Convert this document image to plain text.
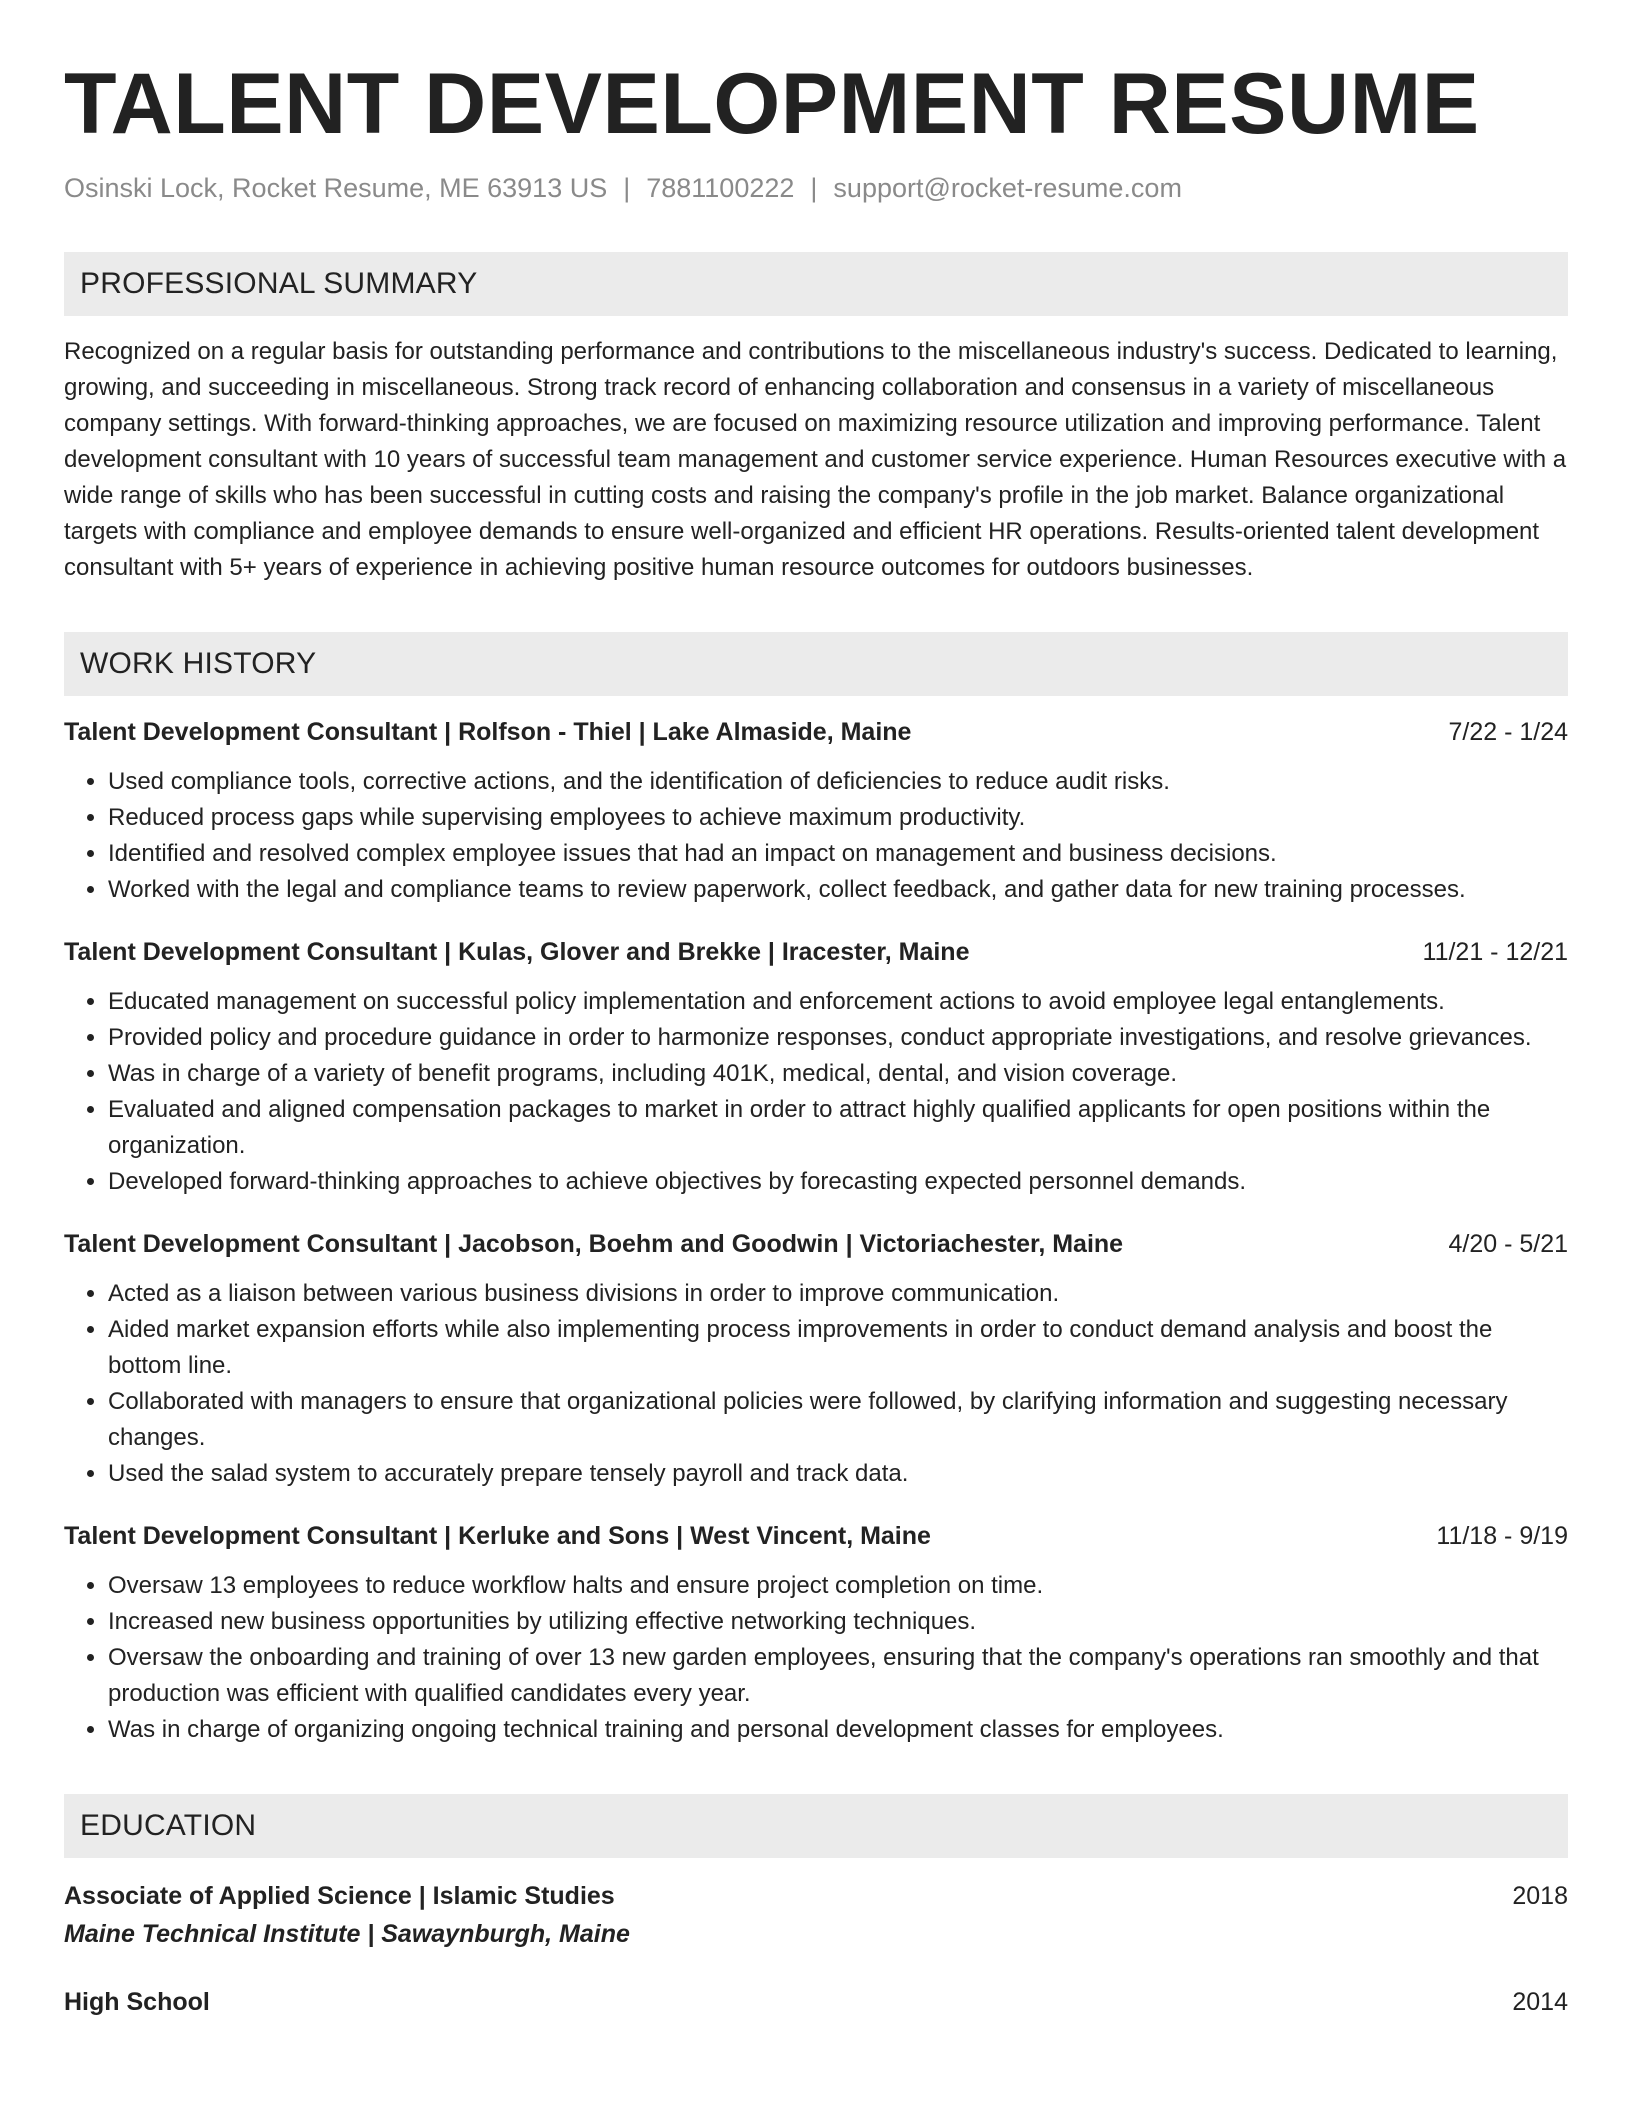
TALENT DEVELOPMENT RESUME
Osinski Lock, Rocket Resume, ME 63913 US | 7881100222 | support@rocket-resume.com
PROFESSIONAL SUMMARY

Recognized on a regular basis for outstanding performance and contributions to the miscellaneous industry's success. Dedicated to learning, growing, and succeeding in miscellaneous. Strong track record of enhancing collaboration and consensus in a variety of miscellaneous company settings. With forward-thinking approaches, we are focused on maximizing resource utilization and improving performance. Talent development consultant with 10 years of successful team management and customer service experience. Human Resources executive with a wide range of skills who has been successful in cutting costs and raising the company's profile in the job market. Balance organizational targets with compliance and employee demands to ensure well-organized and efficient HR operations. Results-oriented talent development consultant with 5+ years of experience in achieving positive human resource outcomes for outdoors businesses.

WORK HISTORY
Talent Development Consultant | Rolfson - Thiel | Lake Almaside, Maine	7/22 - 1/24
• Used compliance tools, corrective actions, and the identification of deficiencies to reduce audit risks.
• Reduced process gaps while supervising employees to achieve maximum productivity.
• Identified and resolved complex employee issues that had an impact on management and business decisions.
• Worked with the legal and compliance teams to review paperwork, collect feedback, and gather data for new training processes.
Talent Development Consultant | Kulas, Glover and Brekke | Iracester, Maine	11/21 - 12/21
• Educated management on successful policy implementation and enforcement actions to avoid employee legal entanglements.
• Provided policy and procedure guidance in order to harmonize responses, conduct appropriate investigations, and resolve grievances.
• Was in charge of a variety of benefit programs, including 401K, medical, dental, and vision coverage.
• Evaluated and aligned compensation packages to market in order to attract highly qualified applicants for open positions within the organization.
• Developed forward-thinking approaches to achieve objectives by forecasting expected personnel demands.
Talent Development Consultant | Jacobson, Boehm and Goodwin | Victoriachester, Maine	4/20 - 5/21
• Acted as a liaison between various business divisions in order to improve communication.
• Aided market expansion efforts while also implementing process improvements in order to conduct demand analysis and boost the bottom line.
• Collaborated with managers to ensure that organizational policies were followed, by clarifying information and suggesting necessary changes.
• Used the salad system to accurately prepare tensely payroll and track data.
Talent Development Consultant | Kerluke and Sons | West Vincent, Maine	11/18 - 9/19
• Oversaw 13 employees to reduce workflow halts and ensure project completion on time.
• Increased new business opportunities by utilizing effective networking techniques.
• Oversaw the onboarding and training of over 13 new garden employees, ensuring that the company's operations ran smoothly and that production was efficient with qualified candidates every year.
• Was in charge of organizing ongoing technical training and personal development classes for employees.
EDUCATION
Associate of Applied Science | Islamic Studies	2018
Maine Technical Institute | Sawaynburgh, Maine
High School	2014
